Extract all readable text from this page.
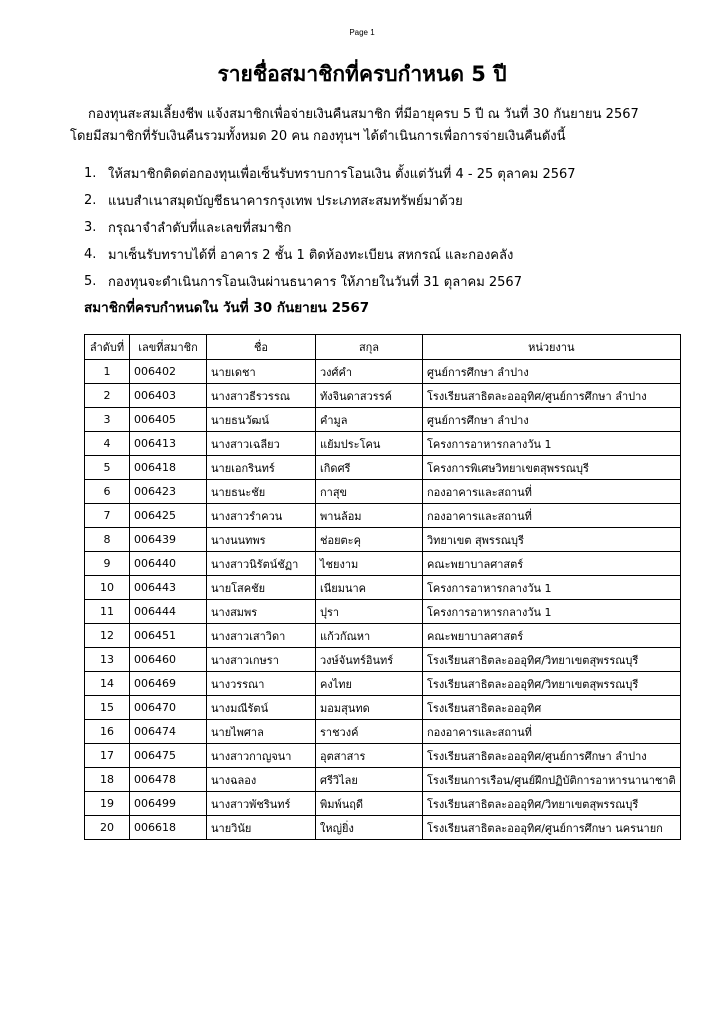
Page 1
รายชื่อสมาชิกที่ครบกำหนด 5 ปี
กองทุนสะสมเลี้ยงชีพ แจ้งสมาชิกเพื่อจ่ายเงินคืนสมาชิก ที่มีอายุครบ 5 ปี ณ วันที่ 30 กันยายน 2567
โดยมีสมาชิกที่รับเงินคืนรวมทั้งหมด 20 คน กองทุนฯ ได้ดำเนินการเพื่อการจ่ายเงินคืนดังนี้
1. ให้สมาชิกติดต่อกองทุนเพื่อเซ็นรับทราบการโอนเงิน ตั้งแต่วันที่ 4 - 25 ตุลาคม 2567
2. แนบสำเนาสมุดบัญชีธนาคารกรุงเทพ ประเภทสะสมทรัพย์มาด้วย
3. กรุณาจำลำดับที่และเลขที่สมาชิก
4. มาเซ็นรับทราบได้ที่ อาคาร 2 ชั้น 1 ติดห้องทะเบียน สหกรณ์ และกองคลัง
5. กองทุนจะดำเนินการโอนเงินผ่านธนาคาร ให้ภายในวันที่ 31 ตุลาคม 2567
สมาชิกที่ครบกำหนดใน วันที่ 30 กันยายน 2567
ลำดับที่	เลขที่สมาชิก	ชื่อ	สกุล	หน่วยงาน
1	006402	นายเดชา	วงศ์คำ	ศูนย์การศึกษา ลำปาง
2	006403	นางสาวธีรวรรณ	ทังจินดาสวรรค์	โรงเรียนสาธิตละอออุทิศ/ศูนย์การศึกษา ลำปาง
3	006405	นายธนวัฒน์	คำมูล	ศูนย์การศึกษา ลำปาง
4	006413	นางสาวเฉลียว	แย้มประโคน	โครงการอาหารกลางวัน 1
5	006418	นายเอกรินทร์	เกิดศรี	โครงการพิเศษวิทยาเขตสุพรรณบุรี
6	006423	นายธนะชัย	กาสุข	กองอาคารและสถานที่
7	006425	นางสาวรำควน	พานล้อม	กองอาคารและสถานที่
8	006439	นางนนทพร	ช่อยตะคุ	วิทยาเขต สุพรรณบุรี
9	006440	นางสาวนิรัตน์ชัฏา	ไชยงาม	คณะพยาบาลศาสตร์
10	006443	นายโสคชัย	เนียมนาค	โครงการอาหารกลางวัน 1
11	006444	นางสมพร	ปุรา	โครงการอาหารกลางวัน 1
12	006451	นางสาวเสาวิดา	แก้วกัณหา	คณะพยาบาลศาสตร์
13	006460	นางสาวเกษรา	วงษ์จันทร์อินทร์	โรงเรียนสาธิตละอออุทิศ/วิทยาเขตสุพรรณบุรี
14	006469	นางวรรณา	คงไทย	โรงเรียนสาธิตละอออุทิศ/วิทยาเขตสุพรรณบุรี
15	006470	นางมณีรัตน์	มอมสุนทด	โรงเรียนสาธิตละอออุทิศ
16	006474	นายไพศาล	ราชวงค์	กองอาคารและสถานที่
17	006475	นางสาวกาญจนา	อุตสาสาร	โรงเรียนสาธิตละอออุทิศ/ศูนย์การศึกษา ลำปาง
18	006478	นางฉลอง	ศรีวิไลย	โรงเรียนการเรือน/ศูนย์ฝึกปฏิบัติการอาหารนานาชาติ
19	006499	นางสาวพัชรินทร์	พิมพ์นฤดี	โรงเรียนสาธิตละอออุทิศ/วิทยาเขตสุพรรณบุรี
20	006618	นายวินัย	ใหญ่ยิ่ง	โรงเรียนสาธิตละอออุทิศ/ศูนย์การศึกษา นครนายก
